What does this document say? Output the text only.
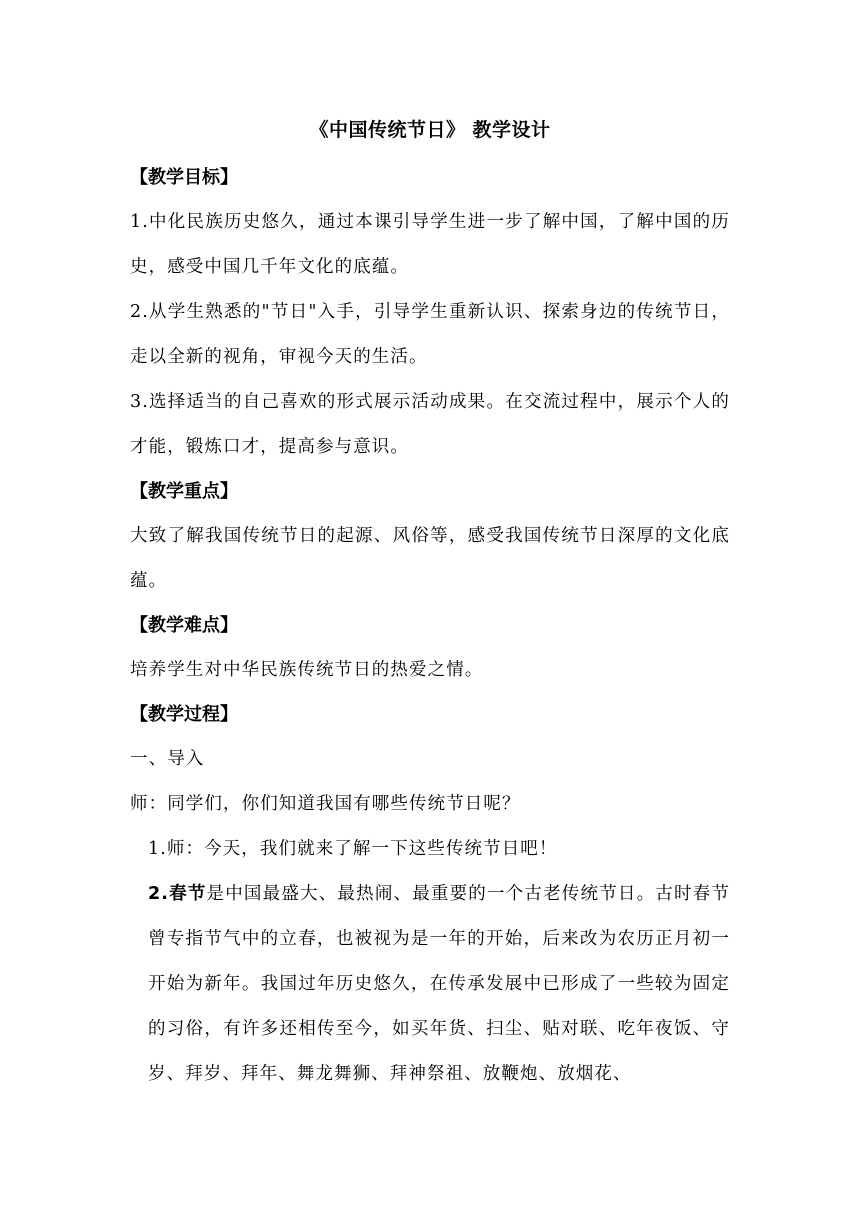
《中国传统节日》 教学设计
【教学目标】

1.中化民族历史悠久，通过本课引导学生进一步了解中国，了解中国的历史，感受中国几千年文化的底蕴。

2.从学生熟悉的"节日"入手，引导学生重新认识、探索身边的传统节日，走以全新的视角，审视今天的生活。

3.选择适当的自己喜欢的形式展示活动成果。在交流过程中，展示个人的才能，锻炼口才，提高参与意识。

【教学重点】

大致了解我国传统节日的起源、风俗等，感受我国传统节日深厚的文化底蕴。

【教学难点】

培养学生对中华民族传统节日的热爱之情。

【教学过程】

一、导入

师：同学们，你们知道我国有哪些传统节日呢？

1.师：今天，我们就来了解一下这些传统节日吧！

2.春节是中国最盛大、最热闹、最重要的一个古老传统节日。古时春节曾专指节气中的立春，也被视为是一年的开始，后来改为农历正月初一开始为新年。我国过年历史悠久，在传承发展中已形成了一些较为固定的习俗，有许多还相传至今，如买年货、扫尘、贴对联、吃年夜饭、守岁、拜岁、拜年、舞龙舞狮、拜神祭祖、放鞭炮、放烟花、
